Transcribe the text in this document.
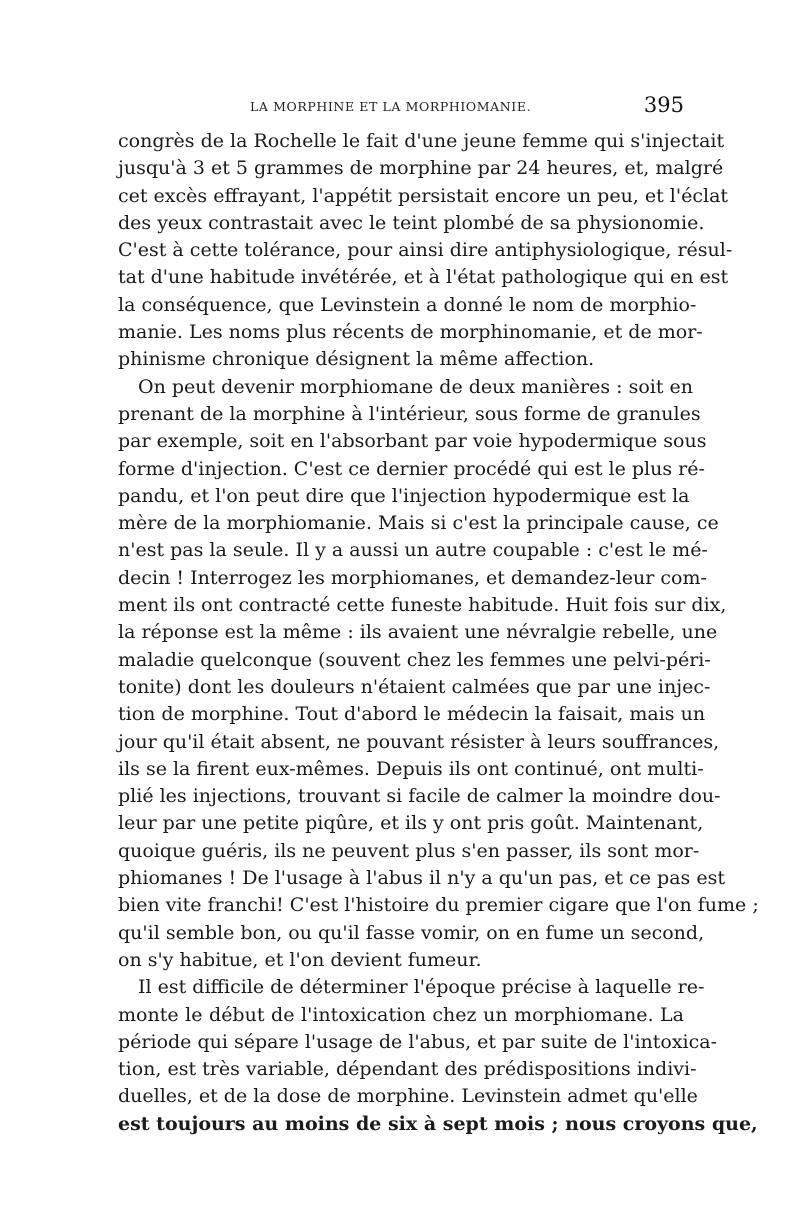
LA MORPHINE ET LA MORPHIOMANIE.	395
congrès de la Rochelle le fait d'une jeune femme qui s'injectait
jusqu'à 3 et 5 grammes de morphine par 24 heures, et, malgré
cet excès effrayant, l'appétit persistait encore un peu, et l'éclat
des yeux contrastait avec le teint plombé de sa physionomie.
C'est à cette tolérance, pour ainsi dire antiphysiologique, résul-
tat d'une habitude invétérée, et à l'état pathologique qui en est
la conséquence, que Levinstein a donné le nom de morphio-
manie. Les noms plus récents de morphinomanie, et de mor-
phinisme chronique désignent la même affection.
On peut devenir morphiomane de deux manières : soit en
prenant de la morphine à l'intérieur, sous forme de granules
par exemple, soit en l'absorbant par voie hypodermique sous
forme d'injection. C'est ce dernier procédé qui est le plus ré-
pandu, et l'on peut dire que l'injection hypodermique est la
mère de la morphiomanie. Mais si c'est la principale cause, ce
n'est pas la seule. Il y a aussi un autre coupable : c'est le mé-
decin ! Interrogez les morphiomanes, et demandez-leur com-
ment ils ont contracté cette funeste habitude. Huit fois sur dix,
la réponse est la même : ils avaient une névralgie rebelle, une
maladie quelconque (souvent chez les femmes une pelvi-péri-
tonite) dont les douleurs n'étaient calmées que par une injec-
tion de morphine. Tout d'abord le médecin la faisait, mais un
jour qu'il était absent, ne pouvant résister à leurs souffrances,
ils se la firent eux-mêmes. Depuis ils ont continué, ont multi-
plié les injections, trouvant si facile de calmer la moindre dou-
leur par une petite piqûre, et ils y ont pris goût. Maintenant,
quoique guéris, ils ne peuvent plus s'en passer, ils sont mor-
phiomanes ! De l'usage à l'abus il n'y a qu'un pas, et ce pas est
bien vite franchi! C'est l'histoire du premier cigare que l'on fume ;
qu'il semble bon, ou qu'il fasse vomir, on en fume un second,
on s'y habitue, et l'on devient fumeur.
Il est difficile de déterminer l'époque précise à laquelle re-
monte le début de l'intoxication chez un morphiomane. La
période qui sépare l'usage de l'abus, et par suite de l'intoxica-
tion, est très variable, dépendant des prédispositions indivi-
duelles, et de la dose de morphine. Levinstein admet qu'elle
est toujours au moins de six à sept mois ; nous croyons que,
